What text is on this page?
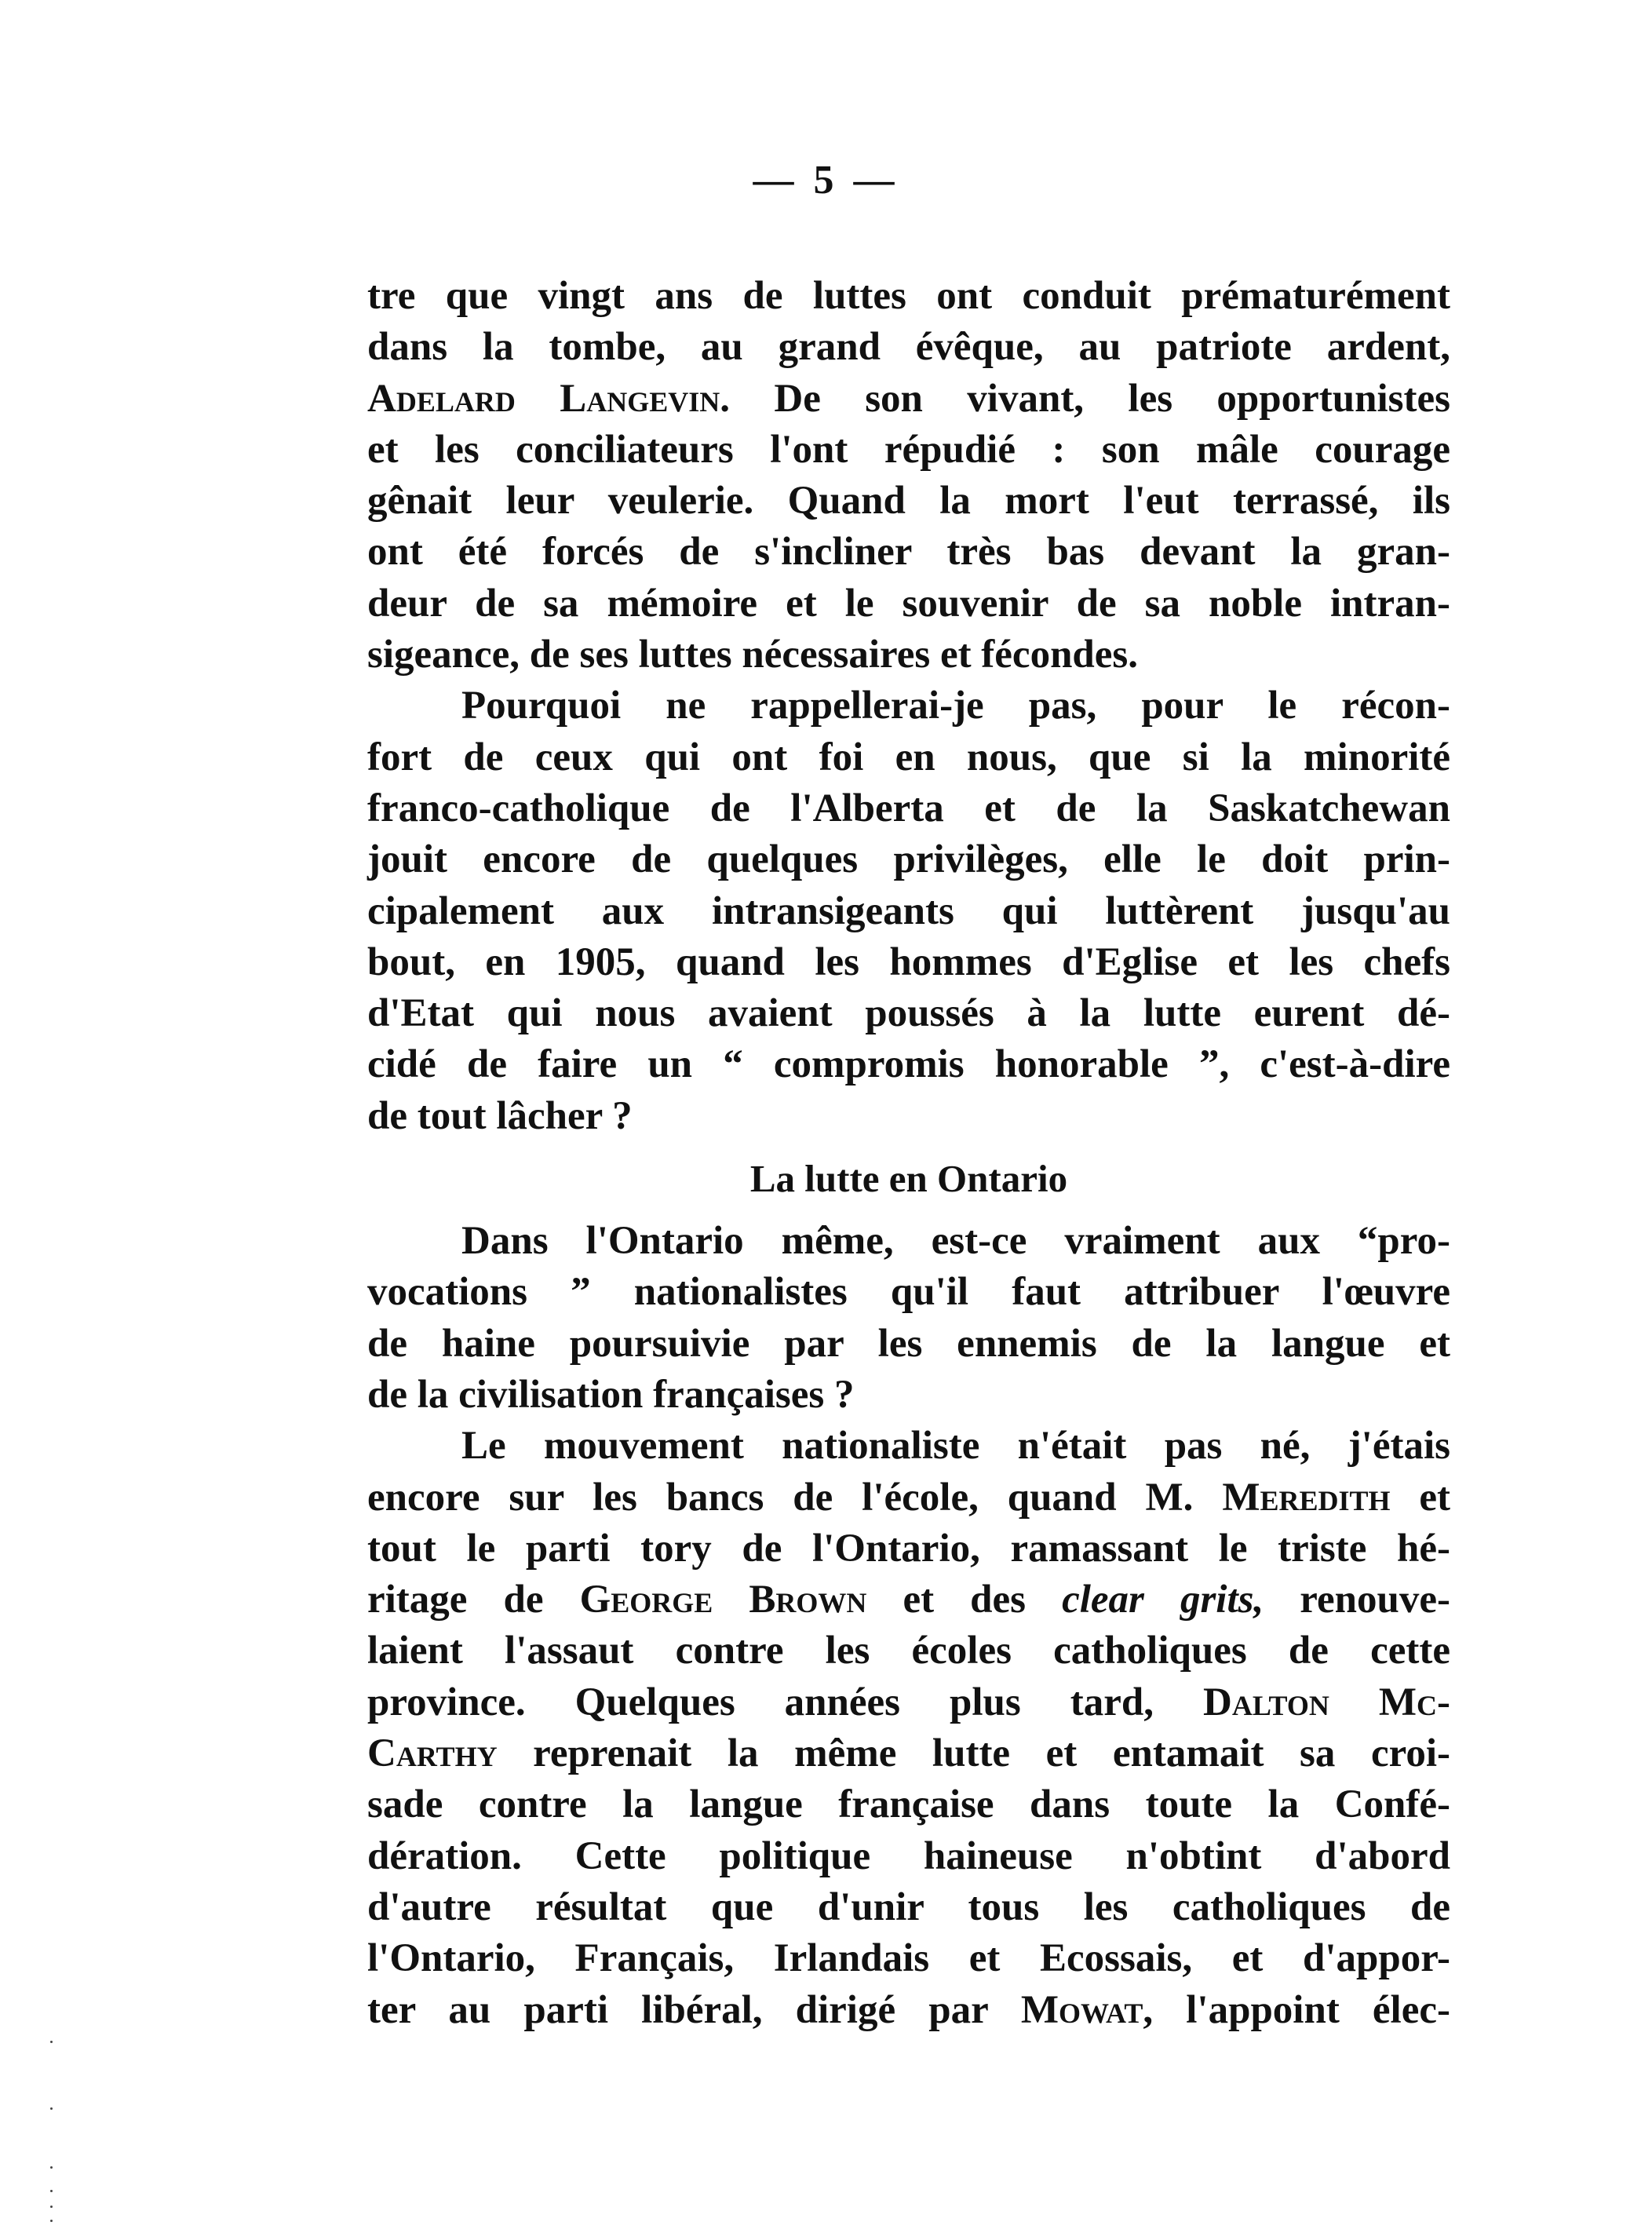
— 5 —
tre que vingt ans de luttes ont conduit prématurément
dans la tombe, au grand évêque, au patriote ardent,
Adelard Langevin. De son vivant, les opportunistes
et les conciliateurs l'ont répudié : son mâle courage
gênait leur veulerie. Quand la mort l'eut terrassé, ils
ont été forcés de s'incliner très bas devant la gran-
deur de sa mémoire et le souvenir de sa noble intran-
sigeance, de ses luttes nécessaires et fécondes.
Pourquoi ne rappellerai-je pas, pour le récon-
fort de ceux qui ont foi en nous, que si la minorité
franco-catholique de l'Alberta et de la Saskatchewan
jouit encore de quelques privilèges, elle le doit prin-
cipalement aux intransigeants qui luttèrent jusqu'au
bout, en 1905, quand les hommes d'Eglise et les chefs
d'Etat qui nous avaient poussés à la lutte eurent dé-
cidé de faire un “ compromis honorable ”, c'est-à-dire
de tout lâcher ?
La lutte en Ontario
Dans l'Ontario même, est-ce vraiment aux “pro-
vocations ” nationalistes qu'il faut attribuer l'œuvre
de haine poursuivie par les ennemis de la langue et
de la civilisation françaises ?
Le mouvement nationaliste n'était pas né, j'étais
encore sur les bancs de l'école, quand M. Meredith et
tout le parti tory de l'Ontario, ramassant le triste hé-
ritage de George Brown et des clear grits, renouve-
laient l'assaut contre les écoles catholiques de cette
province. Quelques années plus tard, Dalton Mc-
Carthy reprenait la même lutte et entamait sa croi-
sade contre la langue française dans toute la Confé-
dération. Cette politique haineuse n'obtint d'abord
d'autre résultat que d'unir tous les catholiques de
l'Ontario, Français, Irlandais et Ecossais, et d'appor-
ter au parti libéral, dirigé par Mowat, l'appoint élec-
